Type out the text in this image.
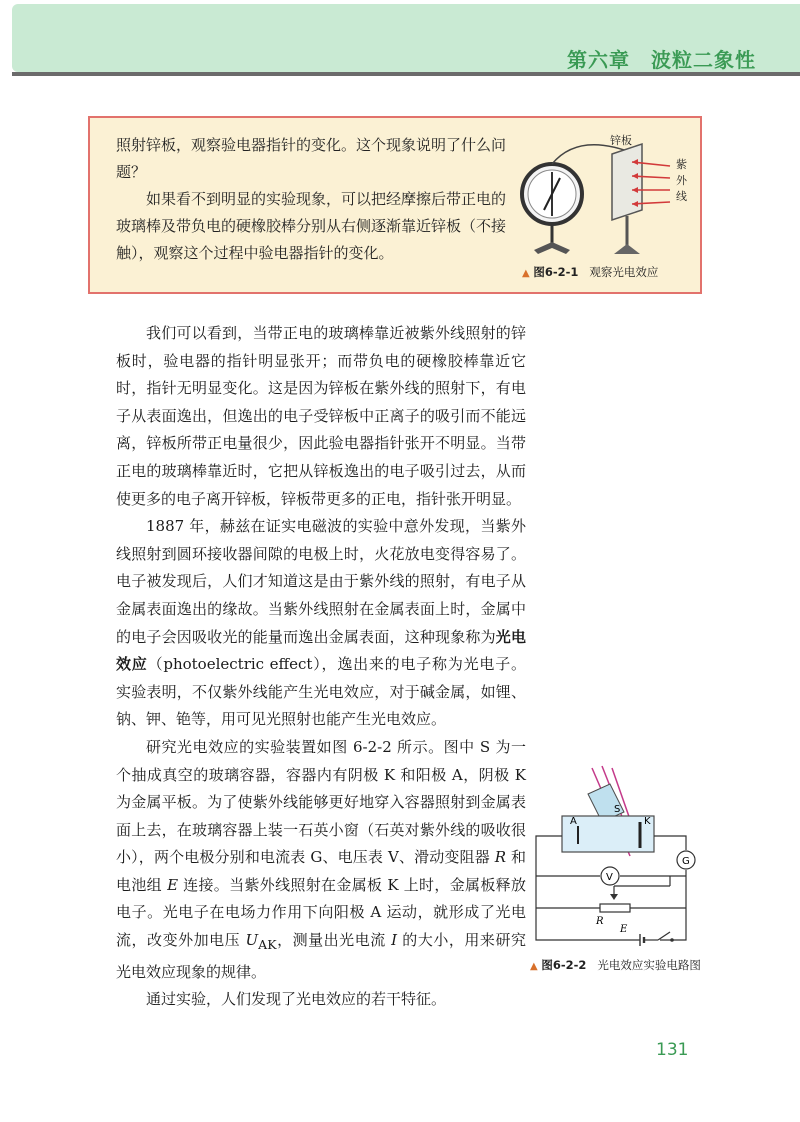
第六章　波粒二象性

照射锌板，观察验电器指针的变化。这个现象说明了什么问题？

如果看不到明显的实验现象，可以把经摩擦后带正电的玻璃棒及带负电的硬橡胶棒分别从右侧逐渐靠近锌板（不接触），观察这个过程中验电器指针的变化。

锌板
紫
外
线
▲ 图6-2-1 观察光电效应

我们可以看到，当带正电的玻璃棒靠近被紫外线照射的锌板时，验电器的指针明显张开；而带负电的硬橡胶棒靠近它时，指针无明显变化。这是因为锌板在紫外线的照射下，有电子从表面逸出，但逸出的电子受锌板中正离子的吸引而不能远离，锌板所带正电量很少，因此验电器指针张开不明显。当带正电的玻璃棒靠近时，它把从锌板逸出的电子吸引过去，从而使更多的电子离开锌板，锌板带更多的正电，指针张开明显。

1887 年，赫兹在证实电磁波的实验中意外发现，当紫外线照射到圆环接收器间隙的电极上时，火花放电变得容易了。电子被发现后，人们才知道这是由于紫外线的照射，有电子从金属表面逸出的缘故。当紫外线照射在金属表面上时，金属中的电子会因吸收光的能量而逸出金属表面，这种现象称为光电效应（photoelectric effect），逸出来的电子称为光电子。实验表明，不仅紫外线能产生光电效应，对于碱金属，如锂、钠、钾、铯等，用可见光照射也能产生光电效应。

研究光电效应的实验装置如图 6-2-2 所示。图中 S 为一个抽成真空的玻璃容器，容器内有阴极 K 和阳极 A，阴极 K 为金属平板。为了使紫外线能够更好地穿入容器照射到金属表面上去，在玻璃容器上装一石英小窗（石英对紫外线的吸收很小），两个电极分别和电流表 G、电压表 V、滑动变阻器 R 和电池组 E 连接。当紫外线照射在金属板 K 上时，金属板释放电子。光电子在电场力作用下向阳极 A 运动，就形成了光电流，改变外加电压 $U_{AK}$，测量出光电流 I 的大小，用来研究光电效应现象的规律。

通过实验，人们发现了光电效应的若干特征。

A	K
S
G
V
R
E
▲ 图6-2-2 光电效应实验电路图
131
